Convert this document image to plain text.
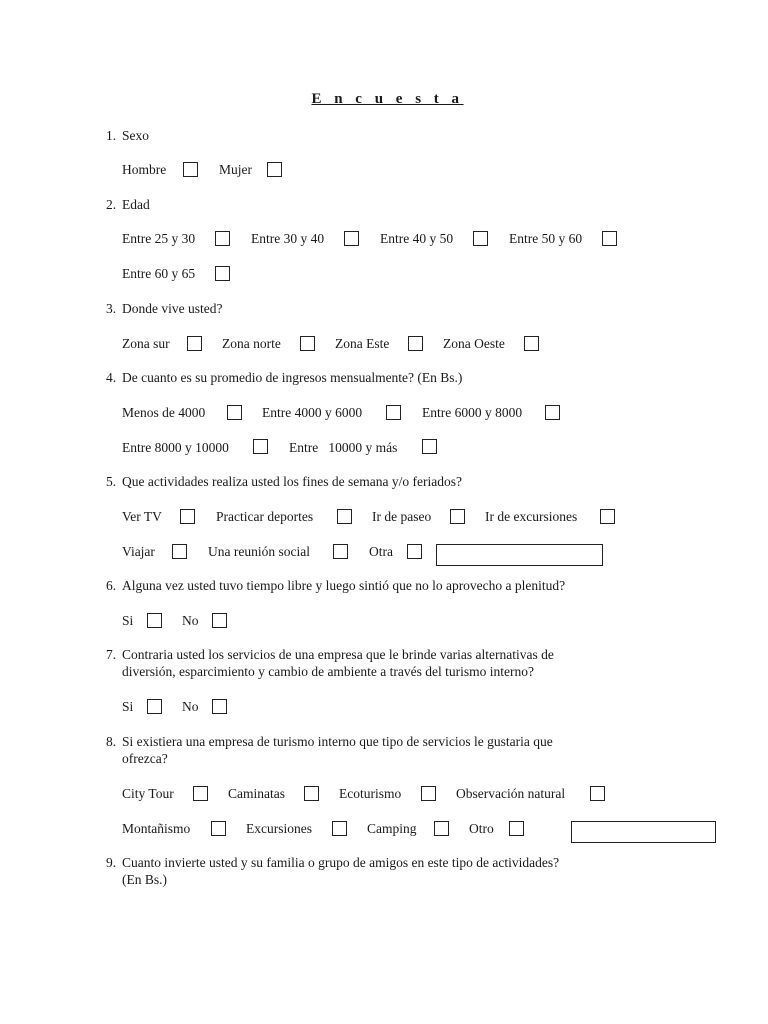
E n c u e s t a
1. Sexo
Hombre	Mujer
2. Edad
Entre 25 y 30	Entre 30 y 40	Entre 40 y 50	Entre 50 y 60
Entre 60 y 65
3. Donde vive usted?
Zona sur	Zona norte	Zona Este	Zona Oeste
4. De cuanto es su promedio de ingresos mensualmente? (En Bs.)
Menos de 4000	Entre 4000 y 6000	Entre 6000 y 8000
Entre 8000 y 10000	Entre   10000 y más
5. Que actividades realiza usted los fines de semana y/o feriados?
Ver TV	Practicar deportes	Ir de paseo	Ir de excursiones
Viajar	Una reunión social	Otra
6. Alguna vez usted tuvo tiempo libre y luego sintió que no lo aprovecho a plenitud?
Si	No
7. Contraria usted los servicios de una empresa que le brinde varias alternativas de
diversión, esparcimiento y cambio de ambiente a través del turismo interno?
Si	No
8. Si existiera una empresa de turismo interno que tipo de servicios le gustaria que
ofrezca?
City Tour	Caminatas	Ecoturismo	Observación natural
Montañismo	Excursiones	Camping	Otro
9. Cuanto invierte usted y su familia o grupo de amigos en este tipo de actividades?
(En Bs.)
